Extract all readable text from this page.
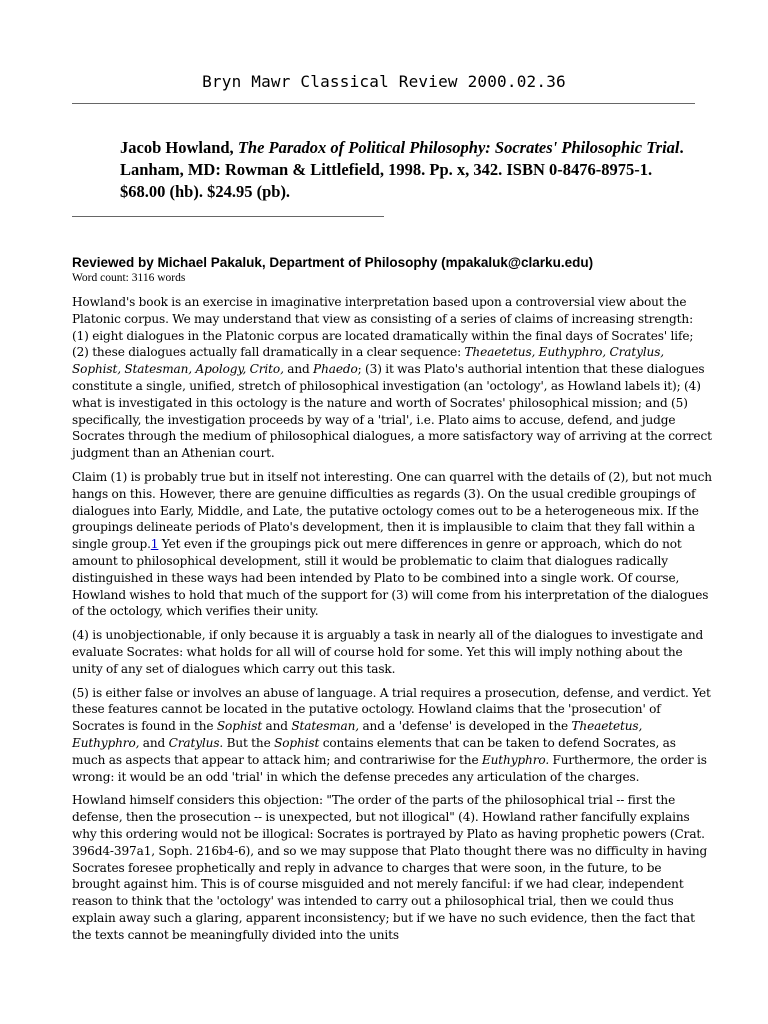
Bryn Mawr Classical Review 2000.02.36
Jacob Howland, The Paradox of Political Philosophy: Socrates' Philosophic Trial. Lanham, MD: Rowman & Littlefield, 1998. Pp. x, 342. ISBN 0-8476-8975-1. $68.00 (hb). $24.95 (pb).
Reviewed by Michael Pakaluk, Department of Philosophy (mpakaluk@clarku.edu)
Word count: 3116 words

Howland's book is an exercise in imaginative interpretation based upon a controversial view about the Platonic corpus. We may understand that view as consisting of a series of claims of increasing strength: (1) eight dialogues in the Platonic corpus are located dramatically within the final days of Socrates' life; (2) these dialogues actually fall dramatically in a clear sequence: Theaetetus, Euthyphro, Cratylus, Sophist, Statesman, Apology, Crito, and Phaedo; (3) it was Plato's authorial intention that these dialogues constitute a single, unified, stretch of philosophical investigation (an 'octology', as Howland labels it); (4) what is investigated in this octology is the nature and worth of Socrates' philosophical mission; and (5) specifically, the investigation proceeds by way of a 'trial', i.e. Plato aims to accuse, defend, and judge Socrates through the medium of philosophical dialogues, a more satisfactory way of arriving at the correct judgment than an Athenian court.

Claim (1) is probably true but in itself not interesting. One can quarrel with the details of (2), but not much hangs on this. However, there are genuine difficulties as regards (3). On the usual credible groupings of dialogues into Early, Middle, and Late, the putative octology comes out to be a heterogeneous mix. If the groupings delineate periods of Plato's development, then it is implausible to claim that they fall within a single group.1 Yet even if the groupings pick out mere differences in genre or approach, which do not amount to philosophical development, still it would be problematic to claim that dialogues radically distinguished in these ways had been intended by Plato to be combined into a single work. Of course, Howland wishes to hold that much of the support for (3) will come from his interpretation of the dialogues of the octology, which verifies their unity.

(4) is unobjectionable, if only because it is arguably a task in nearly all of the dialogues to investigate and evaluate Socrates: what holds for all will of course hold for some. Yet this will imply nothing about the unity of any set of dialogues which carry out this task.

(5) is either false or involves an abuse of language. A trial requires a prosecution, defense, and verdict. Yet these features cannot be located in the putative octology. Howland claims that the 'prosecution' of Socrates is found in the Sophist and Statesman, and a 'defense' is developed in the Theaetetus, Euthyphro, and Cratylus. But the Sophist contains elements that can be taken to defend Socrates, as much as aspects that appear to attack him; and contrariwise for the Euthyphro. Furthermore, the order is wrong: it would be an odd 'trial' in which the defense precedes any articulation of the charges.

Howland himself considers this objection: "The order of the parts of the philosophical trial -- first the defense, then the prosecution -- is unexpected, but not illogical" (4). Howland rather fancifully explains why this ordering would not be illogical: Socrates is portrayed by Plato as having prophetic powers (Crat. 396d4-397a1, Soph. 216b4-6), and so we may suppose that Plato thought there was no difficulty in having Socrates foresee prophetically and reply in advance to charges that were soon, in the future, to be brought against him. This is of course misguided and not merely fanciful: if we had clear, independent reason to think that the 'octology' was intended to carry out a philosophical trial, then we could thus explain away such a glaring, apparent inconsistency; but if we have no such evidence, then the fact that the texts cannot be meaningfully divided into the units
